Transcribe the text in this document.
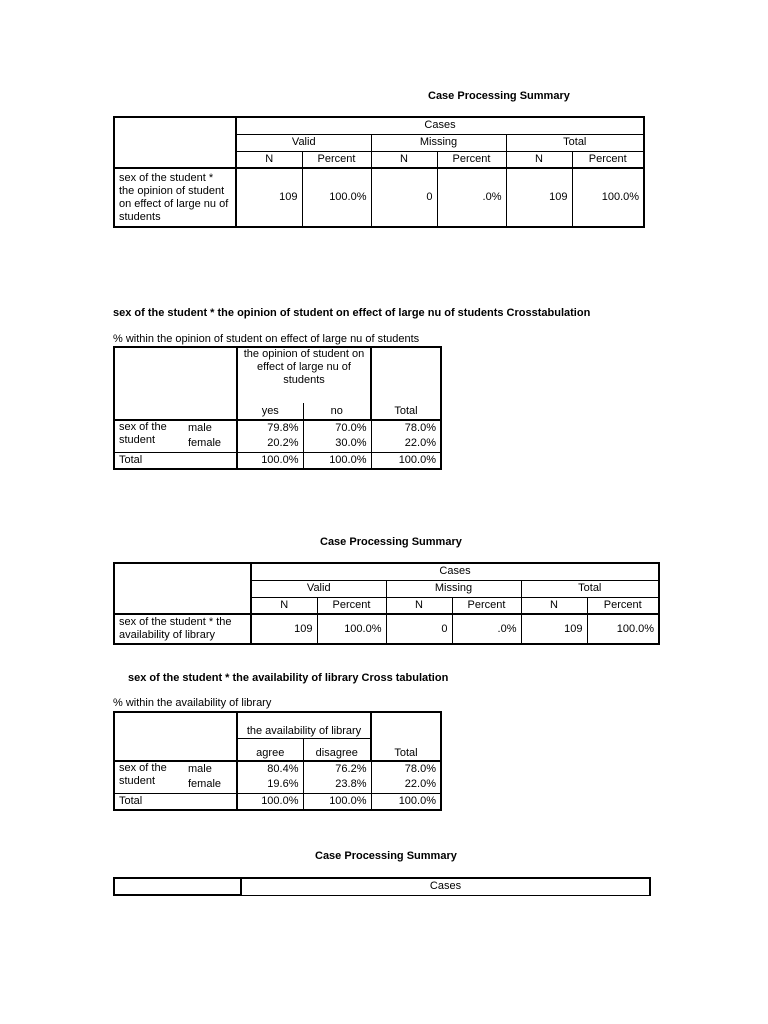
Case Processing Summary
	Cases					
	Valid		Missing		Total	
	N	Percent	N	Percent	N	Percent
sex of the student * the opinion of student on effect of large nu of students	109	100.0%	0	.0%	109	100.0%
sex of the student * the opinion of student on effect of large nu of students Crosstabulation
% within the opinion of student on effect of large nu of students
		the opinion of student on effect of large nu of students		
		yes	no	Total
sex of the student	male	79.8%	70.0%	78.0%
	female	20.2%	30.0%	22.0%
Total		100.0%	100.0%	100.0%
Case Processing Summary
	Cases					
	Valid		Missing		Total	
	N	Percent	N	Percent	N	Percent
sex of the student * the availability of library	109	100.0%	0	.0%	109	100.0%
sex of the student * the availability of library Cross tabulation
% within the availability of library
		the availability of library		
		agree	disagree	Total
sex of the student	male	80.4%	76.2%	78.0%
	female	19.6%	23.8%	22.0%
Total		100.0%	100.0%	100.0%
Case Processing Summary
	Cases
